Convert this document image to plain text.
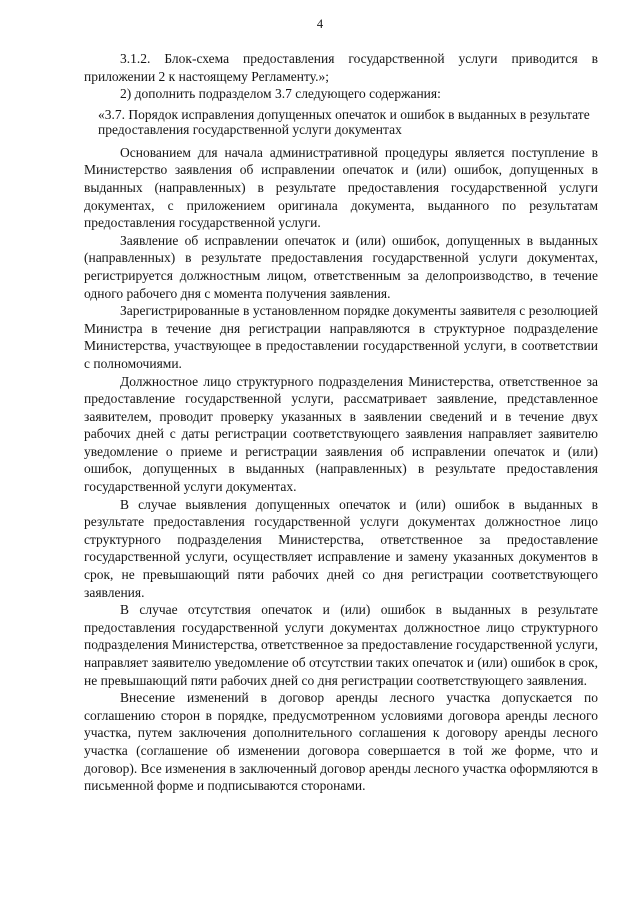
4

3.1.2. Блок-схема предоставления государственной услуги приводится в приложении 2 к настоящему Регламенту.»;

2) дополнить подразделом 3.7 следующего содержания:

«3.7. Порядок исправления допущенных опечаток и ошибок в выданных в результате предоставления государственной услуги документах

Основанием для начала административной процедуры является поступление в Министерство заявления об исправлении опечаток и (или) ошибок, допущенных в выданных (направленных) в результате предоставления государственной услуги документах, с приложением оригинала документа, выданного по результатам предоставления государственной услуги.

Заявление об исправлении опечаток и (или) ошибок, допущенных в выданных (направленных) в результате предоставления государственной услуги документах, регистрируется должностным лицом, ответственным за делопроизводство, в течение одного рабочего дня с момента получения заявления.

Зарегистрированные в установленном порядке документы заявителя с резолюцией Министра в течение дня регистрации направляются в структурное подразделение Министерства, участвующее в предоставлении государственной услуги, в соответствии с полномочиями.

Должностное лицо структурного подразделения Министерства, ответственное за предоставление государственной услуги, рассматривает заявление, представленное заявителем, проводит проверку указанных в заявлении сведений и в течение двух рабочих дней с даты регистрации соответствующего заявления направляет заявителю уведомление о приеме и регистрации заявления об исправлении опечаток и (или) ошибок, допущенных в выданных (направленных) в результате предоставления государственной услуги документах.

В случае выявления допущенных опечаток и (или) ошибок в выданных в результате предоставления государственной услуги документах должностное лицо структурного подразделения Министерства, ответственное за предоставление государственной услуги, осуществляет исправление и замену указанных документов в срок, не превышающий пяти рабочих дней со дня регистрации соответствующего заявления.

В случае отсутствия опечаток и (или) ошибок в выданных в результате предоставления государственной услуги документах должностное лицо структурного подразделения Министерства, ответственное за предоставление государственной услуги, направляет заявителю уведомление об отсутствии таких опечаток и (или) ошибок в срок, не превышающий пяти рабочих дней со дня регистрации соответствующего заявления.

Внесение изменений в договор аренды лесного участка допускается по соглашению сторон в порядке, предусмотренном условиями договора аренды лесного участка, путем заключения дополнительного соглашения к договору аренды лесного участка (соглашение об изменении договора совершается в той же форме, что и договор). Все изменения в заключенный договор аренды лесного участка оформляются в письменной форме и подписываются сторонами.
